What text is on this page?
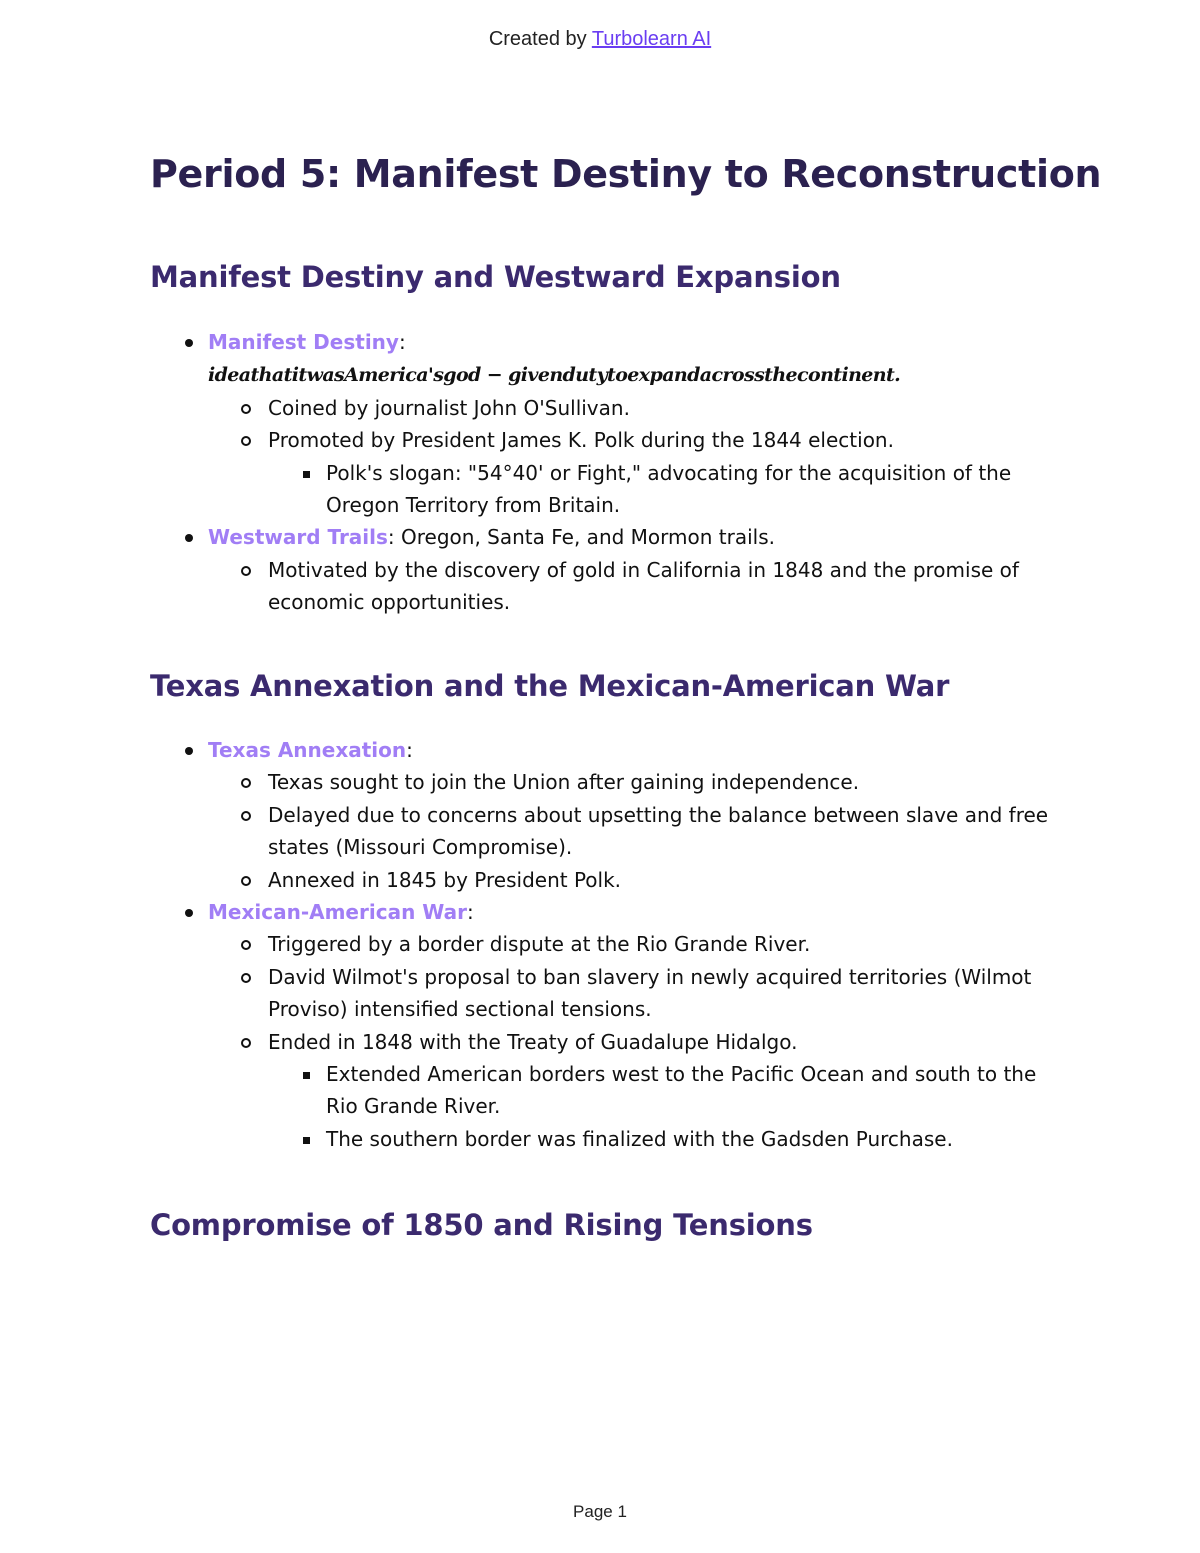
Created by Turbolearn AI
Period 5: Manifest Destiny to Reconstruction
Manifest Destiny and Westward Expansion
Manifest Destiny:
ideathatitwasAmerica'sgod − givendutytoexpandacrossthecontinent.
Coined by journalist John O'Sullivan.
Promoted by President James K. Polk during the 1844 election.
Polk's slogan: "54°40' or Fight," advocating for the acquisition of the Oregon Territory from Britain.
Westward Trails: Oregon, Santa Fe, and Mormon trails.
Motivated by the discovery of gold in California in 1848 and the promise of economic opportunities.
Texas Annexation and the Mexican-American War
Texas Annexation:
Texas sought to join the Union after gaining independence.
Delayed due to concerns about upsetting the balance between slave and free states (Missouri Compromise).
Annexed in 1845 by President Polk.
Mexican-American War:
Triggered by a border dispute at the Rio Grande River.
David Wilmot's proposal to ban slavery in newly acquired territories (Wilmot Proviso) intensified sectional tensions.
Ended in 1848 with the Treaty of Guadalupe Hidalgo.
Extended American borders west to the Pacific Ocean and south to the Rio Grande River.
The southern border was finalized with the Gadsden Purchase.
Compromise of 1850 and Rising Tensions
Page 1
